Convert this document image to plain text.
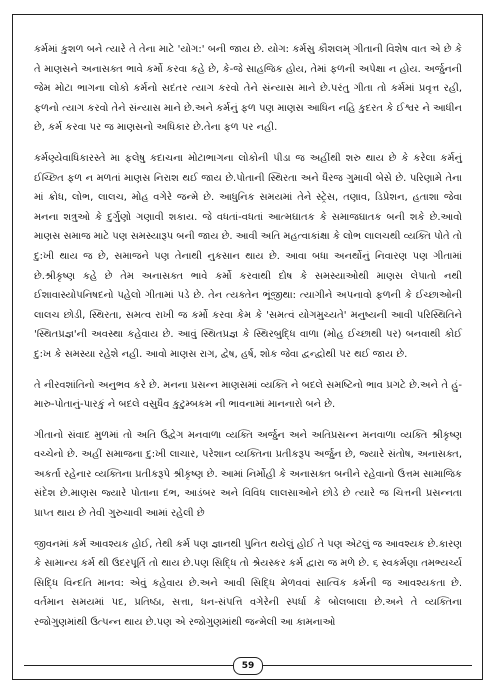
કર્મમાં કુશળ બને ત્યારે તે તેના માટે 'યોગ:' બની જાય છે. યોગ: કર્મસુ કૌશલમ્ ગીતાની વિશેષ વાત એ છે કે તે માણસને અનાસક્ત ભાવે કર્મો કરવા કહે છે, કે-જે સાહજિક હોય, તેમાં ફળની અપેક્ષા ન હોય. અર્જુનની જેમ મોટા ભાગના લોકો કર્મનો સદંતર ત્યાગ કરવો તેને સંન્યાસ માને છે.પરંતુ ગીતા તો કર્મમાં પ્રવૃત્ત રહી, ફળનો ત્યાગ કરવો તેને સંન્યાસ માને છે.અને કર્મનું ફળ પણ માણસ આધિન નહિ કુદરત કે ઈશ્વર ને આધીન છે, કર્મ કરવા પર જ માણસનો અધિકાર છે.તેના ફળ પર નહી.

કર્મણ્યેવાધિકારસ્તે મા ફલેષુ કદાચન। મોટાભાગના લોકોની પીડા જ અહીંથી શરુ થાય છે કે કરેલા કર્મનું ઈચ્છિત ફળ ન મળતાં માણસ નિરાશ થઈ જાય છે.પોતાની સ્થિરતા અને ધૈરજ ગુમાવી બેસે છે. પરિણામે તેના માં ક્રોધ, લોભ, લાલચ, મોહ વગેરે જન્મે છે. આધુનિક સમયમાં તેને સ્ટ્રેસ, તણાવ, ડિપ્રેશન, હતાશા જેવા મનના શત્રુઓ કે દુર્ગુણો ગણાવી શકાય. જે વધતાં-વધતાં આત્મઘાતક કે સમાજઘાતક બની શકે છે.આવો માણસ સમાજ માટે પણ સમસ્યારૂપ બની જાય છે. આવી અતિ મહત્વાકાંક્ષા કે લોભ લાલચથી વ્યક્તિ પોતે તો દુ:ખી થાય જ છે, સમાજને પણ તેનાથી નુકસાન થાય છે. આવા બધા અનર્થોનું નિવારણ પણ ગીતામાં છે.શ્રીકૃષ્ણ કહે છે તેમ અનાસક્ત ભાવે કર્મો કરવાથી દોષ કે સમસ્યાઓથી માણસ લેપાતો નથી ઈશાવાસ્યોપનિષદનો પહેલો ગીતામાં પડે છે. તેન ત્યક્તેન ભૂંજીથા: ત્યાગીને અપનાવો ફળની કે ઈચ્છાઓની લાલચ છોડી, સ્થિરતા, સમત્વ રાખી જ કર્મો કરવા કેમ કે 'સમત્વં યોગમુચ્યતે' મનુષ્યની આવી પરિસ્થિતિને 'સ્થિતપ્રજ્ઞ'ની અવસ્થા કહેવાય છે. આવું સ્થિતપ્રજ્ઞ કે સ્થિરબુદ્ધિ વાળા (મોહ ઈચ્છાથી પર) બનવાથી કોઈ દુ:ખ કે સમસ્યા રહેશે નહી. આવો માણસ રાગ, દ્વેષ, હર્ષ, શોક જેવા દ્વન્દ્વોથી પર થઈ જાય છે.

તે નીરવશાંતિનો અનુભવ કરે છે. મનના પ્રસન્ન માણસમાં વ્યક્તિ ને બદલે સમષ્ટિનો ભાવ પ્રગટે છે.અને તે હું-મારુ-પોતાનું-પારકું ને બદલે વસુધૈવ કુટુમ્બકમ ની ભાવનામાં માનનારો બને છે.

ગીતાનો સંવાદ મુળમાં તો અતિ ઉદ્વેગ મનવાળા વ્યક્તિ અર્જુન અને અતિપ્રસન્ન મનવાળા વ્યક્તિ શ્રીકૃષ્ણ વચ્ચેનો છે. અહીં સમાજના દુ:ખી લાચાર, પરેશાન વ્યક્તિના પ્રતીકરૂપ અર્જુન છે, જ્યારે સંતોષ, અનાસક્ત, અકર્તા રહેનાર વ્યક્તિના પ્રતીકરૂપે શ્રીકૃષ્ણ છે. આમાં નિર્મોહી કે અનાસક્ત બનીને રહેવાનો ઉત્તમ સામાજિક સંદેશ છે.માણસ જ્યારે પોતાના દંભ, આડંબર અને વિવિધ લાલસાઓને છોડે છે ત્યારે જ ચિત્તની પ્રસન્નતા પ્રાપ્ત થાય છે તેવી ગુરુચાવી આમાં રહેલી છે

જીવનમાં કર્મ આવશ્યક હોઈ, તેથી કર્મ પણ જ્ઞાનથી પુનિત થયેલું હોઈ તે પણ એટલું જ આવશ્યક છે.કારણ કે સામાન્ય કર્મ થી ઉદરપૂર્તિ તો થાય છે.પણ સિદ્ધિ તો શ્રેયસ્કર કર્મ દ્વારા જ મળે છે. ૬ સ્વકર્મણા તમભ્યર્ચ્ય સિદ્ધિ વિન્દતિ માનવ: એવું કહેવાય છે.અને આવી સિદ્ધિ મેળવવાં સાત્વિક કર્મની જ આવશ્યકતા છે. વર્તમાન સમયમાં પદ, પ્રતિષ્ઠા, સત્તા, ધન-સંપત્તિ વગેરેની સ્પર્ધા કે બોલબાલા છે.અને તે વ્યક્તિના રજોગુણમાંથી ઉત્પન્ન થાય છે.પણ એ રજોગુણમાંથી જન્મેલી આ કામનાઓ

59
